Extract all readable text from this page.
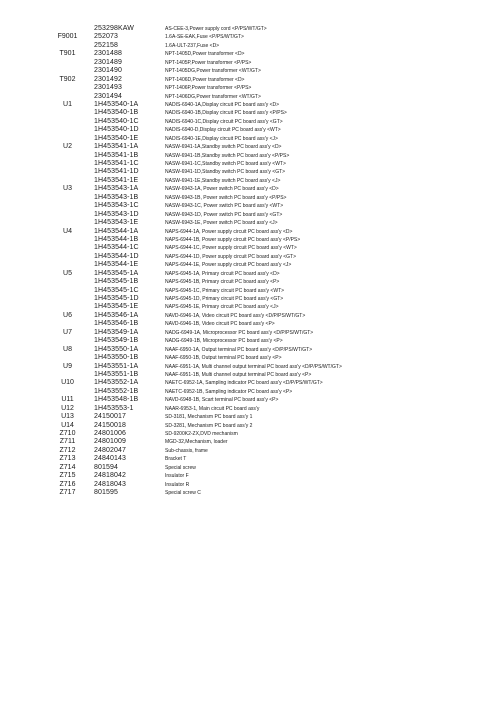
253298KAW	AS-CEE-3,Power supply cord <P/PS/WT/GT>
F9001	252073	1.6A-SE-EAK,Fuse <P/PS/WT/GT>
252158	1.6A-ULT-237,Fuse <D>
T901	2301488	NPT-1405D,Power transformer <D>
2301489	NPT-1405P,Power transformer <P/PS>
2301490	NPT-1405DG,Power transformer <WT/GT>
T902	2301492	NPT-1406D,Power transformer <D>
2301493	NPT-1406P,Power transformer <P/PS>
2301494	NPT-1406DG,Power transformer <WT/GT>
U1	1H453540-1A	NADIS-6940-1A,Display circuit PC board ass'y <D>
1H453540-1B	NADIS-6940-1B,Display circuit PC board ass'y <P/PS>
1H453540-1C	NADIS-6940-1C,Display circuit PC board ass'y <GT>
1H453540-1D	NADIS-6940-D,Display circuit PC board ass'y <WT>
1H453540-1E	NADIS-6940-1E,Display circuit PC board ass'y <J>
U2	1H453541-1A	NASW-6941-1A,Standby switch PC board ass'y <D>
1H453541-1B	NASW-6941-1B,Standby switch PC board ass'y <P/PS>
1H453541-1C	NASW-6941-1C,Standby switch PC board ass'y <WT>
1H453541-1D	NASW-6941-1D,Standby switch PC board ass'y <GT>
1H453541-1E	NASW-6941-1E,Standby switch PC board ass'y <J>
U3	1H453543-1A	NASW-6943-1A, Power switch PC board ass'y <D>
1H453543-1B	NASW-6943-1B, Power switch PC board ass'y <P/PS>
1H453543-1C	NASW-6943-1C, Power switch PC board ass'y <WT>
1H453543-1D	NASW-6943-1D, Power switch PC board ass'y <GT>
1H453543-1E	NASW-6943-1E, Power switch PC board ass'y <J>
U4	1H453544-1A	NAPS-6944-1A, Power supply circuit PC board ass'y <D>
1H453544-1B	NAPS-6944-1B, Power supply circuit PC board ass'y <P/PS>
1H453544-1C	NAPS-6944-1C, Power supply circuit PC board ass'y <WT>
1H453544-1D	NAPS-6944-1D, Power supply circuit PC board ass'y <GT>
1H453544-1E	NAPS-6944-1E, Power supply circuit PC board ass'y <J>
U5	1H453545-1A	NAPS-6945-1A, Primary circuit PC board ass'y <D>
1H453545-1B	NAPS-6945-1B, Primary circuit PC board ass'y <P>
1H453545-1C	NAPS-6945-1C, Primary circuit PC board ass'y <WT>
1H453545-1D	NAPS-6945-1D, Primary circuit PC board ass'y <GT>
1H453545-1E	NAPS-6945-1E, Primary circuit PC board ass'y <J>
U6	1H453546-1A	NAVD-6946-1A, Video circuit PC board ass'y <D/P/PS/WT/GT>
1H453546-1B	NAVD-6946-1B, Video circuit PC board ass'y <P>
U7	1H453549-1A	NADG-6949-1A, Microprocessor PC board ass'y <D/P/PS/WT/GT>
1H453549-1B	NADG-6949-1B, Microprocessor PC board ass'y <P>
U8	1H453550-1A	NAAF-6950-1A, Output terminal PC board ass'y <D/P/PS/WT/GT>
1H453550-1B	NAAF-6950-1B, Output terminal PC board ass'y <P>
U9	1H453551-1A	NAAF-6951-1A, Multi channel output terminal PC board ass'y <D/P/PS/WT/GT>
1H453551-1B	NAAF-6951-1B, Multi channel output terminal PC board ass'y <P>
U10	1H453552-1A	NAETC-6952-1A, Sampling indicator PC board ass'y <D/P/PS/WT/GT>
1H453552-1B	NAETC-6952-1B, Sampling indicator PC board ass'y <P>
U11	1H453548-1B	NAVD-6948-1B, Scart terminal PC board ass'y <P>
U12	1H453553-1	NAAR-6953-1, Main circuit PC board ass'y
U13	24150017	SD-3181, Mechanism PC board ass'y 1
U14	24150018	SD-3281, Mechanism PC board ass'y 2
Z710	24801006	SD-9200K2-ZX,DVD mechanism
Z711	24801009	MGD-32,Mechanism, loader
Z712	24802047	Sub-chassis, frame
Z713	24840143	Bracket T
Z714	801594	Special screw
Z715	24818042	Insulator F
Z716	24818043	Insulator R
Z717	801595	Special screw C
